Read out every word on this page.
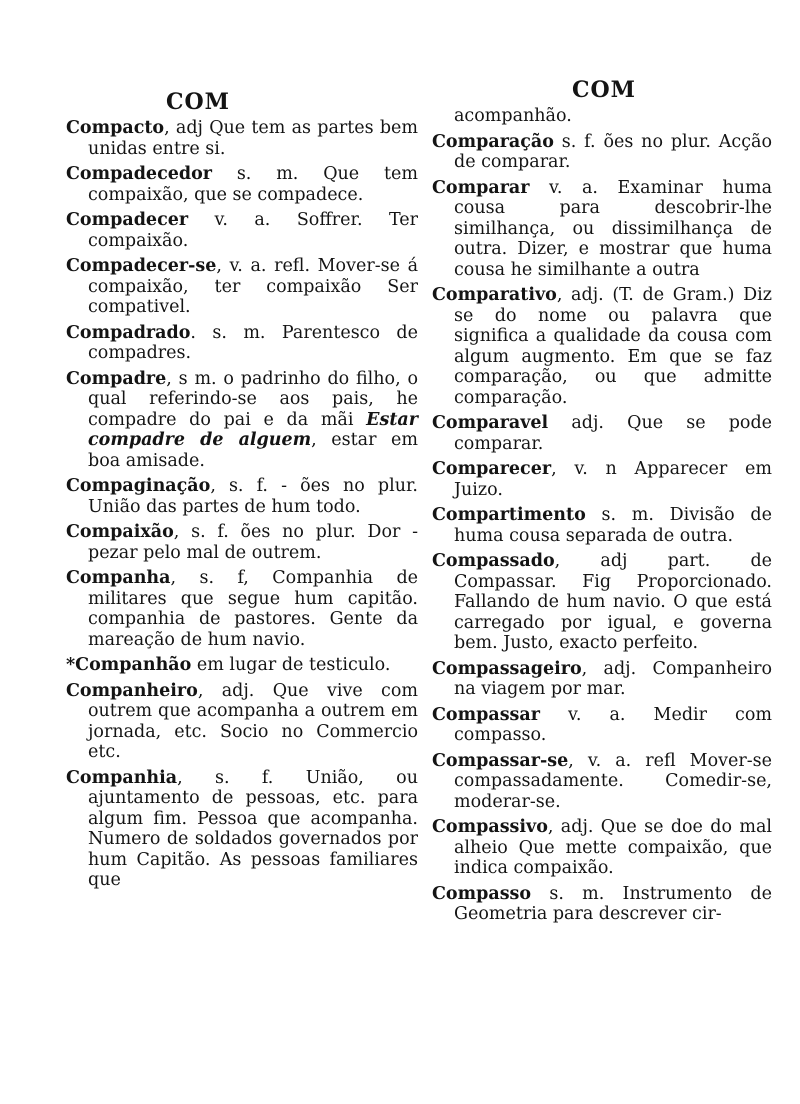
COM

Compacto, adj Que tem as partes bem unidas entre si.

Compadecedor s. m. Que tem compaixão, que se compadece.

Compadecer v. a. Soffrer. Ter compaixão.

Compadecer-se, v. a. refl. Mover-se á compaixão, ter compaixão Ser compativel.

Compadrado. s. m. Parentesco de compadres.

Compadre, s m. o padrinho do filho, o qual referindo-se aos pais, he compadre do pai e da mãi Estar compadre de alguem, estar em boa amisade.

Compaginação, s. f. - ões no plur. União das partes de hum todo.

Compaixão, s. f. ões no plur. Dor - pezar pelo mal de outrem.

Companha, s. f, Companhia de militares que segue hum capitão. companhia de pastores. Gente da mareação de hum navio.

*Companhão em lugar de testiculo.

Companheiro, adj. Que vive com outrem que acompanha a outrem em jornada, etc. Socio no Commercio etc.

Companhia, s. f. União, ou ajuntamento de pessoas, etc. para algum fim. Pessoa que acompanha. Numero de soldados governados por hum Capitão. As pessoas familiares que

COM
acompanhão.

Comparação s. f. ões no plur. Acção de comparar.

Comparar v. a. Examinar huma cousa para descobrir-lhe similhança, ou dissimilhança de outra. Dizer, e mostrar que huma cousa he similhante a outra

Comparativo, adj. (T. de Gram.) Diz se do nome ou palavra que significa a qualidade da cousa com algum augmento. Em que se faz comparação, ou que admitte comparação.

Comparavel adj. Que se pode comparar.

Comparecer, v. n Apparecer em Juizo.

Compartimento s. m. Divisão de huma cousa separada de outra.

Compassado, adj part. de Compassar. Fig Proporcionado. Fallando de hum navio. O que está carregado por igual, e governa bem. Justo, exacto perfeito.

Compassageiro, adj. Companheiro na viagem por mar.

Compassar v. a. Medir com compasso.

Compassar-se, v. a. refl Mover-se compassadamente. Comedir-se, moderar-se.

Compassivo, adj. Que se doe do mal alheio Que mette compaixão, que indica compaixão.

Compasso s. m. Instrumento de Geometria para descrever cir-
